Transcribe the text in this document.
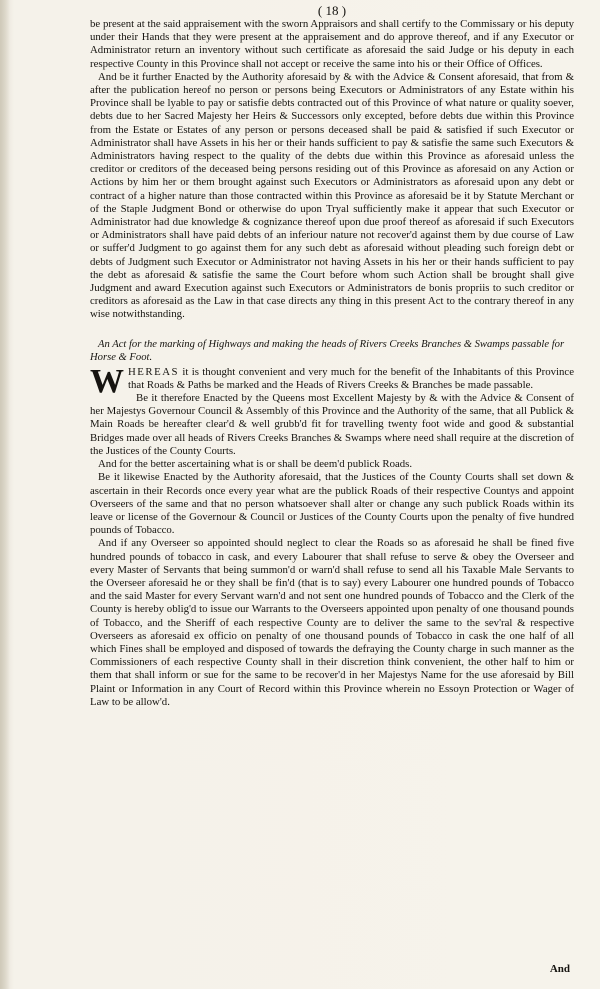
( 18 )

be present at the said appraisement with the sworn Appraisors and shall certify to the Commissary or his deputy under their Hands that they were present at the appraisement and do approve thereof, and if any Executor or Administrator return an inventory without such certificate as aforesaid the said Judge or his deputy in each respective County in this Province shall not accept or receive the same into his or their Office of Offices.

And be it further Enacted by the Authority aforesaid by & with the Advice & Consent aforesaid, that from & after the publication hereof no person or persons being Executors or Administrators of any Estate within his Province shall be lyable to pay or satisfie debts contracted out of this Province of what nature or quality soever, debts due to her Sacred Majesty her Heirs & Successors only excepted, before debts due within this Province from the Estate or Estates of any person or persons deceased shall be paid & satisfied if such Executor or Administrator shall have Assets in his her or their hands sufficient to pay & satisfie the same such Executors & Administrators having respect to the quality of the debts due within this Province as aforesaid unless the creditor or creditors of the deceased being persons residing out of this Province as aforesaid on any Action or Actions by him her or them brought against such Executors or Administrators as aforesaid upon any debt or contract of a higher nature than those contracted within this Province as aforesaid be it by Statute Merchant or of the Staple Judgment Bond or otherwise do upon Tryal sufficiently make it appear that such Executor or Administrator had due knowledge & cognizance thereof upon due proof thereof as aforesaid if such Executors or Administrators shall have paid debts of an inferiour nature not recover'd against them by due course of Law or suffer'd Judgment to go against them for any such debt as aforesaid without pleading such foreign debt or debts of Judgment such Executor or Administrator not having Assets in his her or their hands sufficient to pay the debt as aforesaid & satisfie the same the Court before whom such Action shall be brought shall give Judgment and award Execution against such Executors or Administrators de bonis propriis to such creditor or creditors as aforesaid as the Law in that case directs any thing in this present Act to the contrary thereof in any wise notwithstanding.

An Act for the marking of Highways and making the heads of Rivers Creeks Branches & Swamps passable for Horse & Foot.

WHEREAS it is thought convenient and very much for the benefit of the Inhabitants of this Province that Roads & Paths be marked and the Heads of Rivers Creeks & Branches be made passable.

Be it therefore Enacted by the Queens most Excellent Majesty by & with the Advice & Consent of her Majestys Governour Council & Assembly of this Province and the Authority of the same, that all Publick & Main Roads be hereafter clear'd & well grubb'd fit for travelling twenty foot wide and good & substantial Bridges made over all heads of Rivers Creeks Branches & Swamps where need shall require at the discretion of the Justices of the County Courts.

And for the better ascertaining what is or shall be deem'd publick Roads.

Be it likewise Enacted by the Authority aforesaid, that the Justices of the County Courts shall set down & ascertain in their Records once every year what are the publick Roads of their respective Countys and appoint Overseers of the same and that no person whatsoever shall alter or change any such publick Roads within its leave or license of the Governour & Council or Justices of the County Courts upon the penalty of five hundred pounds of Tobacco.

And if any Overseer so appointed should neglect to clear the Roads so as aforesaid he shall be fined five hundred pounds of tobacco in cask, and every Labourer that shall refuse to serve & obey the Overseer and every Master of Servants that being summon'd or warn'd shall refuse to send all his Taxable Male Servants to the Overseer aforesaid he or they shall be fin'd (that is to say) every Labourer one hundred pounds of Tobacco and the said Master for every Servant warn'd and not sent one hundred pounds of Tobacco and the Clerk of the County is hereby oblig'd to issue our Warrants to the Overseers appointed upon penalty of one thousand pounds of Tobacco, and the Sheriff of each respective County are to deliver the same to the sev'ral & respective Overseers as aforesaid ex officio on penalty of one thousand pounds of Tobacco in cask the one half of all which Fines shall be employed and disposed of towards the defraying the County charge in such manner as the Commissioners of each respective County shall in their discretion think convenient, the other half to him or them that shall inform or sue for the same to be recover'd in her Majestys Name for the use aforesaid by Bill Plaint or Information in any Court of Record within this Province wherein no Essoyn Protection or Wager of Law to be allow'd.

And
